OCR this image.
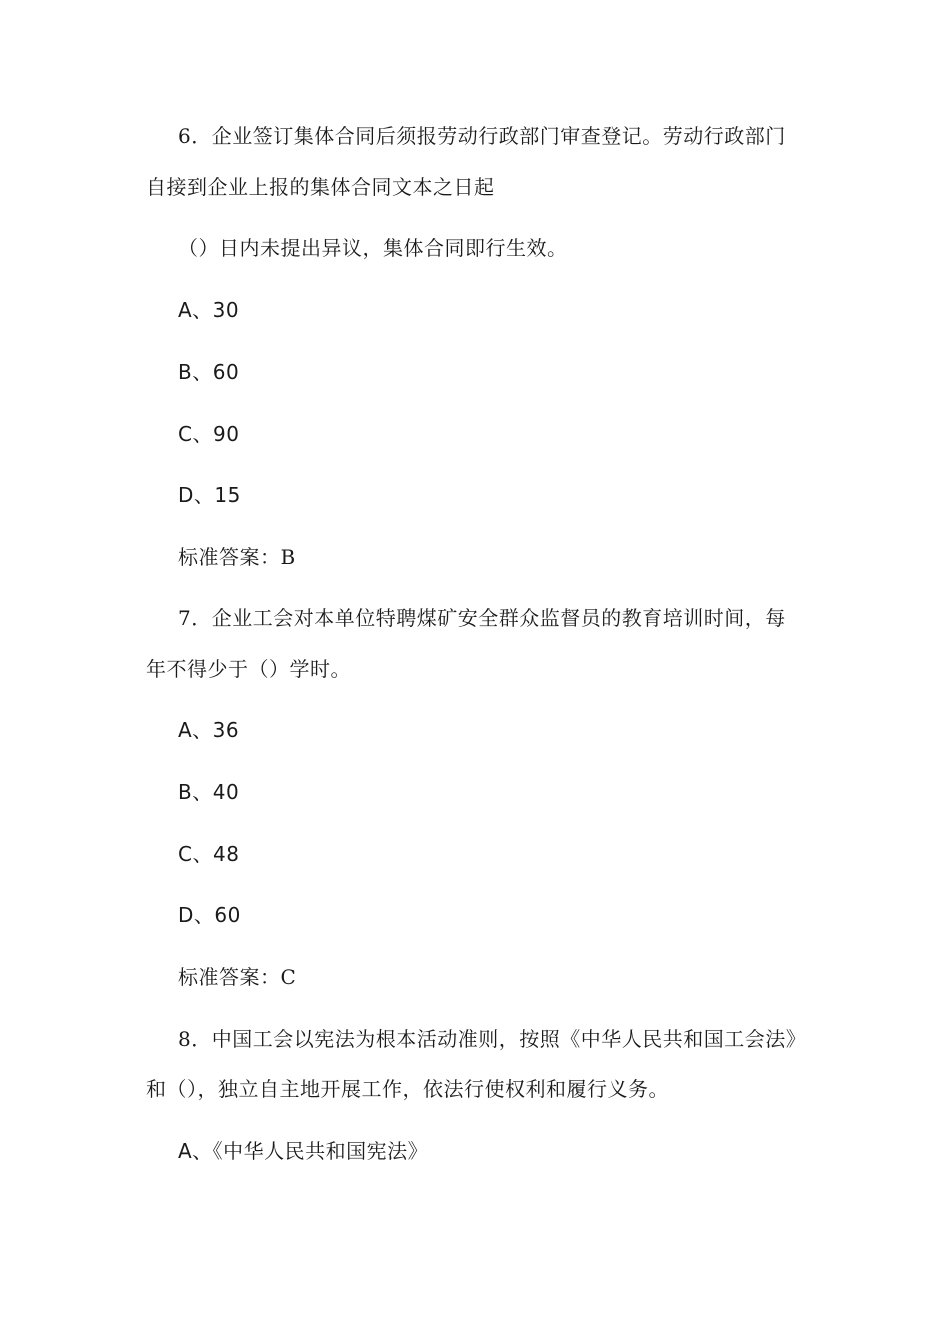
6．企业签订集体合同后须报劳动行政部门审查登记。劳动行政部门
自接到企业上报的集体合同文本之日起
（）日内未提出异议，集体合同即行生效。
A、30
B、60
C、90
D、15
标准答案：B
7．企业工会对本单位特聘煤矿安全群众监督员的教育培训时间，每
年不得少于（）学时。
A、36
B、40
C、48
D、60
标准答案：C
8．中国工会以宪法为根本活动准则，按照《中华人民共和国工会法》
和（），独立自主地开展工作，依法行使权利和履行义务。
A、《中华人民共和国宪法》
